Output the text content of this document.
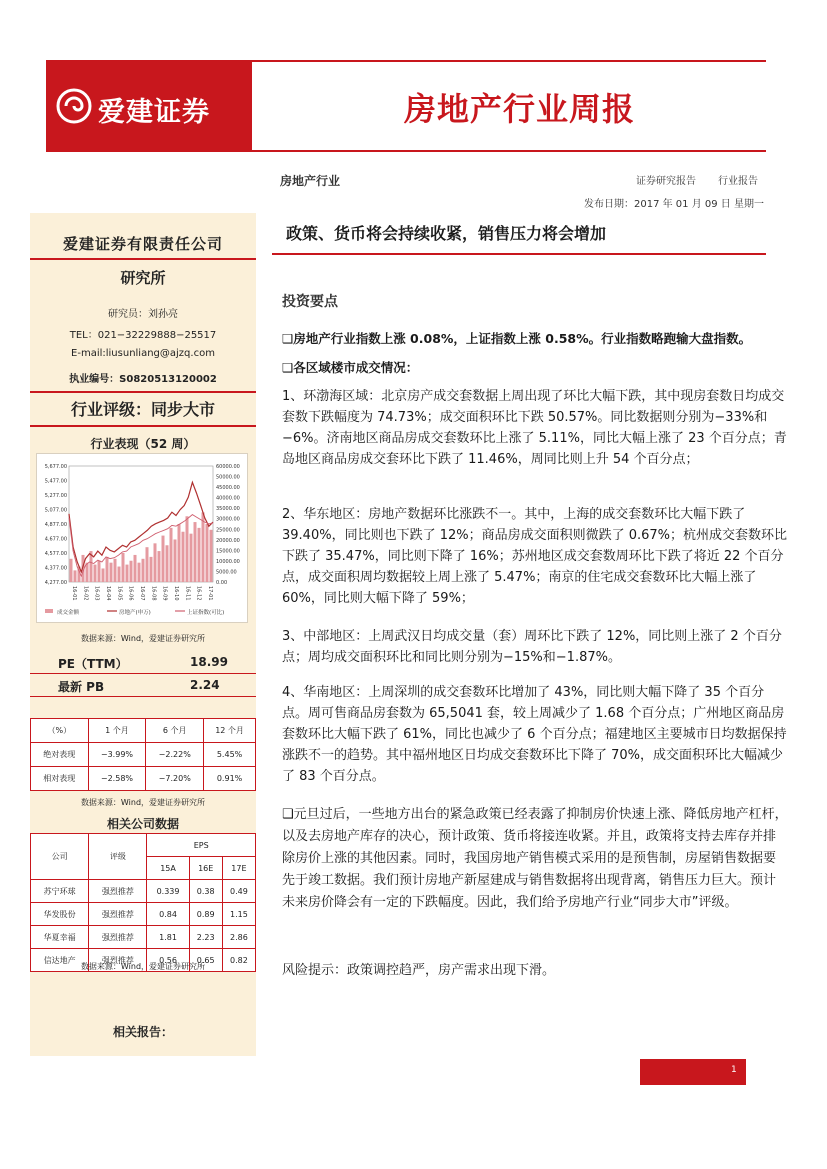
爱建证券	房地产行业周报
房地产行业	证券研究报告 行业报告
发布日期：2017 年 01 月 09 日 星期一
爱建证券有限责任公司
研究所
研究员：刘孙亮
TEL：021−32229888−25517
E-mail:liusunliang@ajzq.com
执业编号：S0820513120002
行业评级：同步大市
行业表现（52 周）
5,677.00
5,477.00
5,277.00
5,077.00
4,877.00
4,677.00
4,577.00
4,377.00
4,277.00
60000.00
50000.00
45000.00
40000.00
35000.00
30000.00
25000.00
20000.00
15000.00
10000.00
5000.00
0.00
16-01 16-02 16-03 16-04 16-05 16-06 16-07 16-08 16-09 16-10 16-11 16-12 17-01
成交金额	房地产(申万)	上证指数(可比)
数据来源：Wind，爱建证券研究所
PE（TTM）	18.99
最新 PB	2.24
（%）	1 个月	6 个月	12 个月
绝对表现	−3.99%	−2.22%	5.45%
相对表现	−2.58%	−7.20%	0.91%
数据来源：Wind，爱建证券研究所
相关公司数据
公司	评级	EPS		
		15A	16E	17E
苏宁环球	强烈推荐	0.339	0.38	0.49
华发股份	强烈推荐	0.84	0.89	1.15
华夏幸福	强烈推荐	1.81	2.23	2.86
信达地产	强烈推荐	0.56	0.65	0.82
数据来源：Wind，爱建证券研究所
相关报告：
政策、货币将会持续收紧，销售压力将会增加
投资要点
❑房地产行业指数上涨 0.08%，上证指数上涨 0.58%。行业指数略跑输大盘指数。
❑各区域楼市成交情况：
1、环渤海区域：北京房产成交套数据上周出现了环比大幅下跌，其中现房套数日均成交套数下跌幅度为 74.73%；成交面积环比下跌 50.57%。同比数据则分别为−33%和−6%。济南地区商品房成交套数环比上涨了 5.11%，同比大幅上涨了 23 个百分点；青岛地区商品房成交套环比下跌了 11.46%，周同比则上升 54 个百分点；
2、华东地区：房地产数据环比涨跌不一。其中，上海的成交套数环比大幅下跌了 39.40%，同比则也下跌了 12%；商品房成交面积则微跌了 0.67%；杭州成交套数环比下跌了 35.47%，同比则下降了 16%；苏州地区成交套数周环比下跌了将近 22 个百分点，成交面积周均数据较上周上涨了 5.47%；南京的住宅成交套数环比大幅上涨了 60%，同比则大幅下降了 59%；
3、中部地区：上周武汉日均成交量（套）周环比下跌了 12%，同比则上涨了 2 个百分点；周均成交面积环比和同比则分别为−15%和−1.87%。
4、华南地区：上周深圳的成交套数环比增加了 43%，同比则大幅下降了 35 个百分点。周可售商品房套数为 65,5041 套，较上周减少了 1.68 个百分点；广州地区商品房套数环比大幅下跌了 61%，同比也减少了 6 个百分点；福建地区主要城市日均数据保持涨跌不一的趋势。其中福州地区日均成交套数环比下降了 70%，成交面积环比大幅减少了 83 个百分点。
❑元旦过后，一些地方出台的紧急政策已经表露了抑制房价快速上涨、降低房地产杠杆，以及去房地产库存的决心，预计政策、货币将接连收紧。并且，政策将支持去库存并排除房价上涨的其他因素。同时，我国房地产销售模式采用的是预售制，房屋销售数据要先于竣工数据。我们预计房地产新屋建成与销售数据将出现背离，销售压力巨大。预计未来房价降会有一定的下跌幅度。因此，我们给予房地产行业“同步大市”评级。
风险提示：政策调控趋严，房产需求出现下滑。
1
